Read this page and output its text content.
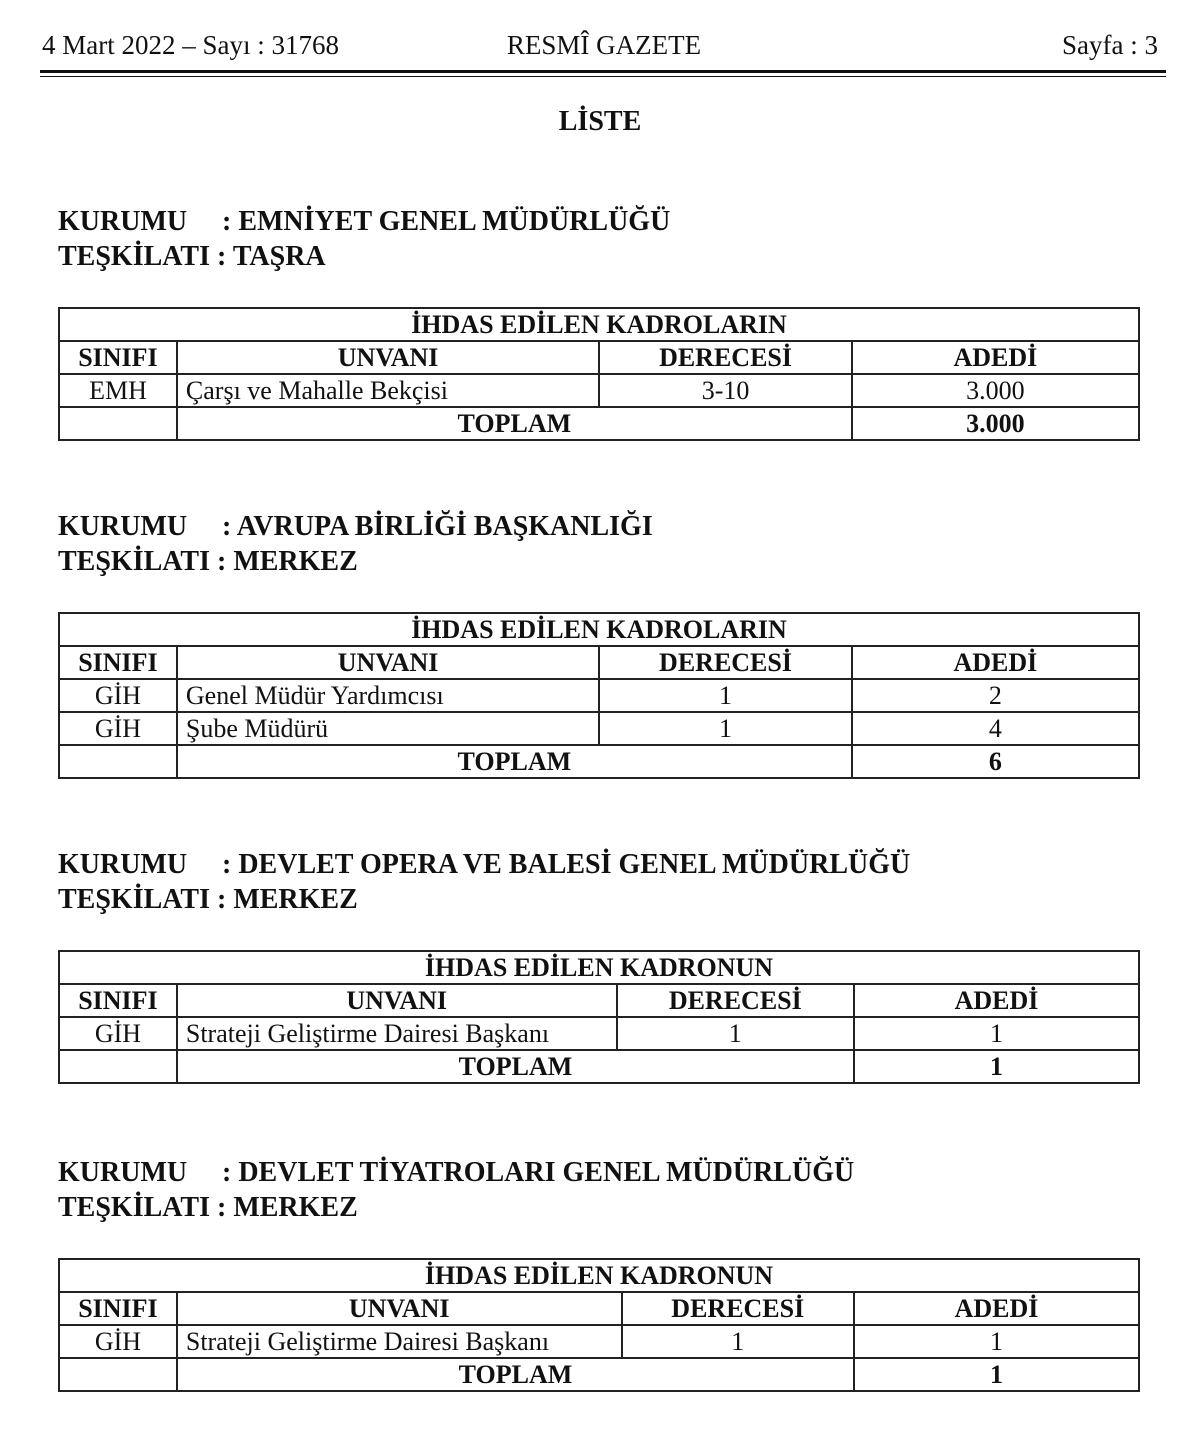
4 Mart 2022 – Sayı : 31768	RESMÎ GAZETE	Sayfa : 3
LİSTE
KURUMU : EMNİYET GENEL MÜDÜRLÜĞÜ
TEŞKİLATI : TAŞRA
İHDAS EDİLEN KADROLARIN			
SINIFI	UNVANI	DERECESİ	ADEDİ
EMH	Çarşı ve Mahalle Bekçisi	3-10	3.000
	TOPLAM		3.000
KURUMU : AVRUPA BİRLİĞİ BAŞKANLIĞI
TEŞKİLATI : MERKEZ
İHDAS EDİLEN KADROLARIN			
SINIFI	UNVANI	DERECESİ	ADEDİ
GİH	Genel Müdür Yardımcısı	1	2
GİH	Şube Müdürü	1	4
	TOPLAM		6
KURUMU : DEVLET OPERA VE BALESİ GENEL MÜDÜRLÜĞÜ
TEŞKİLATI : MERKEZ
İHDAS EDİLEN KADRONUN			
SINIFI	UNVANI	DERECESİ	ADEDİ
GİH	Strateji Geliştirme Dairesi Başkanı	1	1
	TOPLAM		1
KURUMU : DEVLET TİYATROLARI GENEL MÜDÜRLÜĞÜ
TEŞKİLATI : MERKEZ
İHDAS EDİLEN KADRONUN			
SINIFI	UNVANI	DERECESİ	ADEDİ
GİH	Strateji Geliştirme Dairesi Başkanı	1	1
	TOPLAM		1
